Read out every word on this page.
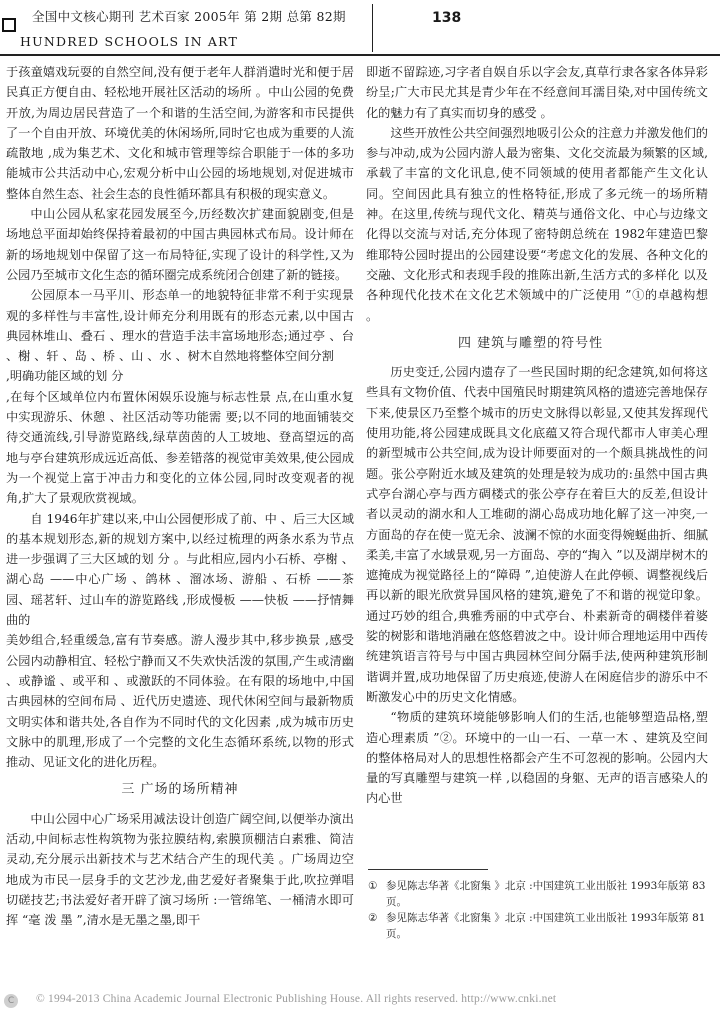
全国中文核心期刊 艺术百家 2005年 第 2期 总第 82期
HUNDRED SCHOOLS IN ART
138

于孩童嬉戏玩耍的自然空间,没有便于老年人群消遣时光和便于居民真正方便自由、轻松地开展社区活动的场所 。中山公园的免费开放,为周边居民营造了一个和谐的生活空间,为游客和市民提供了一个自由开放、环境优美的休闲场所,同时它也成为重要的人流疏散地 ,成为集艺术、文化和城市管理等综合职能于一体的多功能城市公共活动中心,宏观分析中山公园的场地规划,对促进城市整体自然生态、社会生态的良性循环都具有积极的现实意义。

中山公园从私家花园发展至今,历经数次扩建面貌剧变,但是场地总平面却始终保持着最初的中国古典园林式布局。设计师在新的场地规划中保留了这一布局特征,实现了设计的科学性,又为公园乃至城市文化生态的循环圈完成系统闭合创建了新的链接。

公园原本一马平川、形态单一的地貌特征非常不利于实现景观的多样性与丰富性,设计师充分利用既有的形态元素,以中国古典园林堆山、叠石 、理水的营造手法丰富场地形态;通过亭 、台 、榭 、轩 、岛 、桥 、山 、水 、树木自然地将整体空间分割

,明确功能区域的划 分

,在每个区域单位内布置休闲娱乐设施与标志性景 点,在山重水复中实现游乐、休憩 、社区活动等功能需 要;以不同的地面铺装交待交通流线,引导游览路线,绿草茵茵的人工坡地、登高望远的高地与亭台建筑形成远近高低、参差错落的视觉审美效果,使公园成为一个视觉上富于冲击力和变化的立体公园,同时改变观者的视角,扩大了景观欣赏视域。

自 1946年扩建以来,中山公园便形成了前、中 、后三大区域的基本规划形态,新的规划方案中,以经过梳理的两条水系为节点进一步强调了三大区域的划 分 。与此相应,园内小石桥、亭榭 、湖心岛 ——中心广场 、鸽林 、溜冰场、游船 、石桥 ——茶园、瑶茗轩、过山车的游览路线 ,形成慢板 ——快板 ——抒情舞曲的

美妙组合,轻重缓急,富有节奏感。游人漫步其中,移步换景 ,感受公园内动静相宜、轻松宁静而又不失欢快活泼的氛围,产生或清幽 、或静谧 、或平和 、或激跃的不同体验。在有限的场地中,中国古典园林的空间布局 、近代历史遗迹、现代休闲空间与最新物质文明实体和谐共处,各自作为不同时代的文化因素 ,成为城市历史文脉中的肌理,形成了一个完整的文化生态循环系统,以物的形式推动、见证文化的进化历程。

三 广场的场所精神

中山公园中心广场采用减法设计创造广阔空间,以便举办演出活动,中间标志性构筑物为张拉膜结构,索膜顶棚洁白素雅、简洁灵动,充分展示出新技术与艺术结合产生的现代美 。广场周边空地成为市民一层身手的文艺沙龙,曲艺爱好者聚集于此,吹拉弹唱切磋技艺;书法爱好者开辟了演习场所 :一管绵笔、一桶清水即可挥 “毫 泼 墨 ”,清水是无墨之墨,即干

即逝不留踪迹,习字者自娱自乐以字会友,真草行隶各家各体异彩纷呈;广大市民尤其是青少年在不经意间耳濡目染,对中国传统文化的魅力有了真实而切身的感受 。

这些开放性公共空间强烈地吸引公众的注意力并激发他们的参与冲动,成为公园内游人最为密集、文化交流最为频繁的区域,承载了丰富的文化讯息,使不同领域的使用者都能产生文化认同。空间因此具有独立的性格特征,形成了多元统一的场所精神。在这里,传统与现代文化、精英与通俗文化、中心与边缘文化得以交流与对话,充分体现了密特朗总统在 1982年建造巴黎维耶特公园时提出的公园建设要“考虑文化的发展、各种文化的交融、文化形式和表现手段的推陈出新,生活方式的多样化 以及各种现代化技术在文化艺术领域中的广泛使用 ”①的卓越构想 。

四 建筑与雕塑的符号性

历史变迁,公园内遗存了一些民国时期的纪念建筑,如何将这些具有文物价值、代表中国殖民时期建筑风格的遗迹完善地保存下来,使景区乃至整个城市的历史文脉得以彰显,又使其发挥现代使用功能,将公园建成既具文化底蕴又符合现代都市人审美心理的新型城市公共空间,成为设计师要面对的一个颇具挑战性的问题。张公亭附近水域及建筑的处理是较为成功的:虽然中国古典式亭台湖心亭与西方碉楼式的张公亭存在着巨大的反差,但设计者以灵动的湖水和人工堆砌的湖心岛成功地化解了这一冲突,一方面岛的存在使一览无余、波澜不惊的水面变得婉蜒曲折、细腻柔美,丰富了水域景观,另一方面岛、亭的“掏入 ”以及湖岸树木的遮掩成为视觉路径上的“障碍 ”,迫使游人在此停顿、调整视线后再以新的眼光欣赏异国风格的建筑,避免了不和谐的视觉印象。通过巧妙的组合,典雅秀丽的中式亭台、朴素新奇的碉楼伴着婆娑的树影和谐地消融在悠悠碧波之中。设计师合理地运用中西传统建筑语言符号与中国古典园林空间分隔手法,使两种建筑形制谐调并置,成功地保留了历史痕迹,使游人在闲庭信步的游乐中不断激发心中的历史文化情感。

“物质的建筑环境能够影响人们的生活,也能够塑造品格,塑造心理素质 ”②。环境中的一山一石、一草一木 、建筑及空间的整体格局对人的思想性格都会产生不可忽视的影响。公园内大量的写真雕塑与建筑一样 ,以稳固的身躯、无声的语言感染人的内心世

① 参见陈志华著《北窗集 》北京 :中国建筑工业出版社 1993年版第 83页。
② 参见陈志华著《北窗集 》北京 :中国建筑工业出版社 1993年版第 81页。
C	© 1994-2013 China Academic Journal Electronic Publishing House. All rights reserved. http://www.cnki.net
